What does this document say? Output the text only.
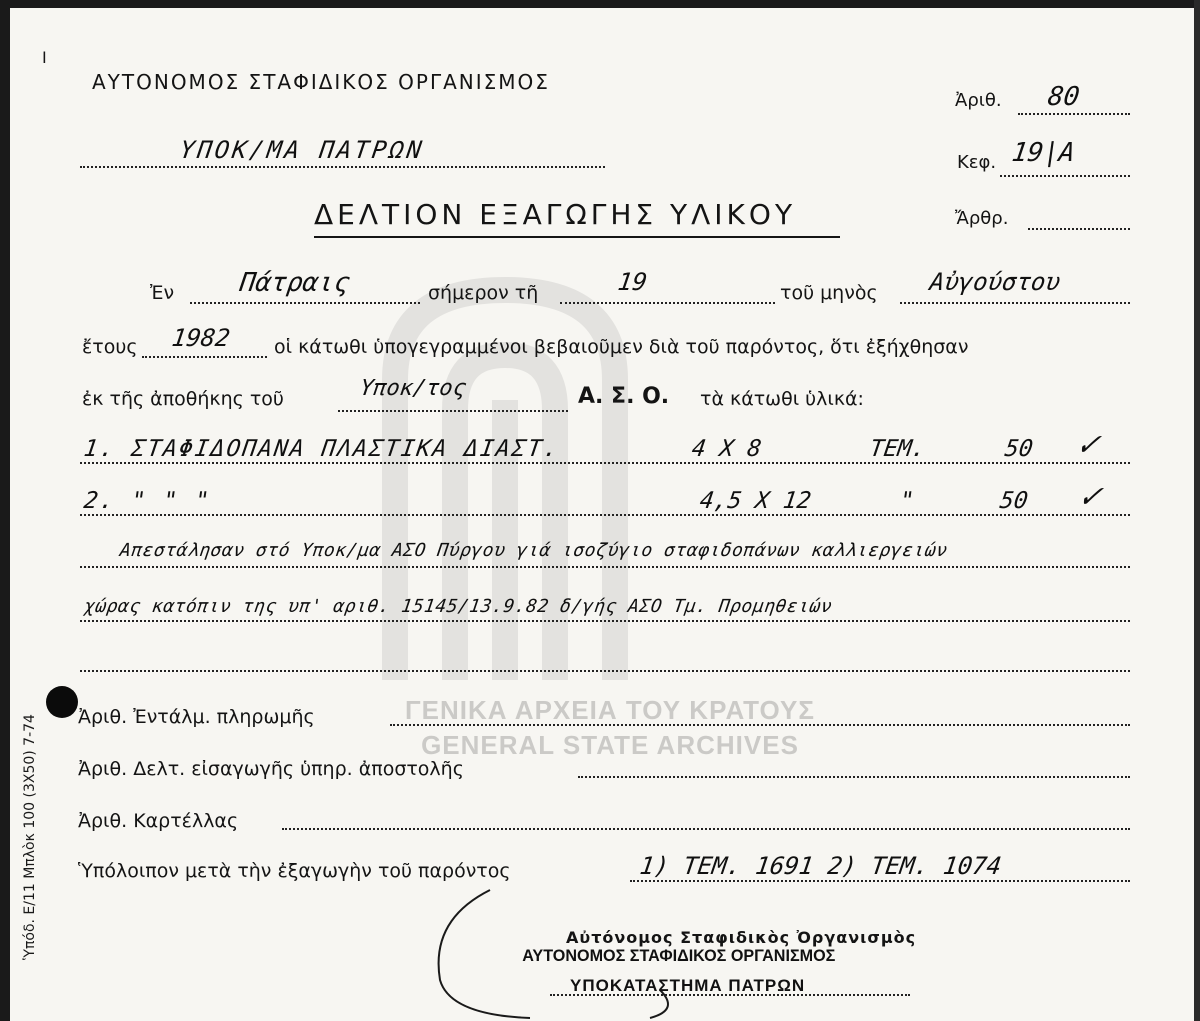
Ι
ΑΥΤΟΝΟΜΟΣ ΣΤΑΦΙΔΙΚΟΣ ΟΡΓΑΝΙΣΜΟΣ
ΥΠΟΚ/ΜΑ ΠΑΤΡΩΝ
ΔΕΛΤΙΟΝ ΕΞΑΓΩΓΗΣ ΥΛΙΚΟΥ
Ἀριθ. 80
Κεφ. 19|Α
Ἄρθρ.
Ἐν Πάτραις	σήμερον τῆ	19	τοῦ μηνὸς Αὐγούστου
ἔτους 1982 οἱ κάτωθι ὑπογεγραμμένοι βεβαιοῦμεν διὰ τοῦ παρόντος, ὅτι ἐξήχθησαν
ἐκ τῆς ἀποθήκης τοῦ	Υποκ/τος	Α. Σ. Ο. τὰ κάτωθι ὑλικά:
1. ΣΤΑΦΙΔΟΠΑΝΑ ΠΛΑΣΤΙΚΑ ΔΙΑΣΤ.	4 Χ 8	ΤΕΜ.	50 ✓
2. " " "	4,5 Χ 12	"	50 ✓
Απεστάλησαν στό Υποκ/μα ΑΣΟ Πύργου γιά ισοζύγιο σταφιδοπάνων καλλιεργειών
χώρας κατόπιν της υπ' αριθ. 15145/13.9.82 δ/γής ΑΣΟ Τμ. Προμηθειών
Ἀριθ. Ἐντάλμ. πληρωμῆς
Ἀριθ. Δελτ. εἰσαγωγῆς ὑπηρ. ἀποστολῆς
Ἀριθ. Καρτέλλας
Ὑπόλοιπον μετὰ τὴν ἐξαγωγὴν τοῦ παρόντος	1) ΤΕΜ. 1691 2) ΤΕΜ. 1074
ΓΕΝΙΚΑ ΑΡΧΕΙΑ ΤΟΥ ΚΡΑΤΟΥΣ
GENERAL STATE ARCHIVES
Αὐτόνομος Σταφιδικὸς Ὀργανισμὸς
ΑΥΤΟΝΟΜΟΣ ΣΤΑΦΙΔΙΚΟΣ ΟΡΓΑΝΙΣΜΟΣ
ΥΠΟΚΑΤΑΣΤΗΜΑ ΠΑΤΡΩΝ
Ὑπόδ. Ε/11 Μπλὸκ 100 (3Χ50) 7-74
